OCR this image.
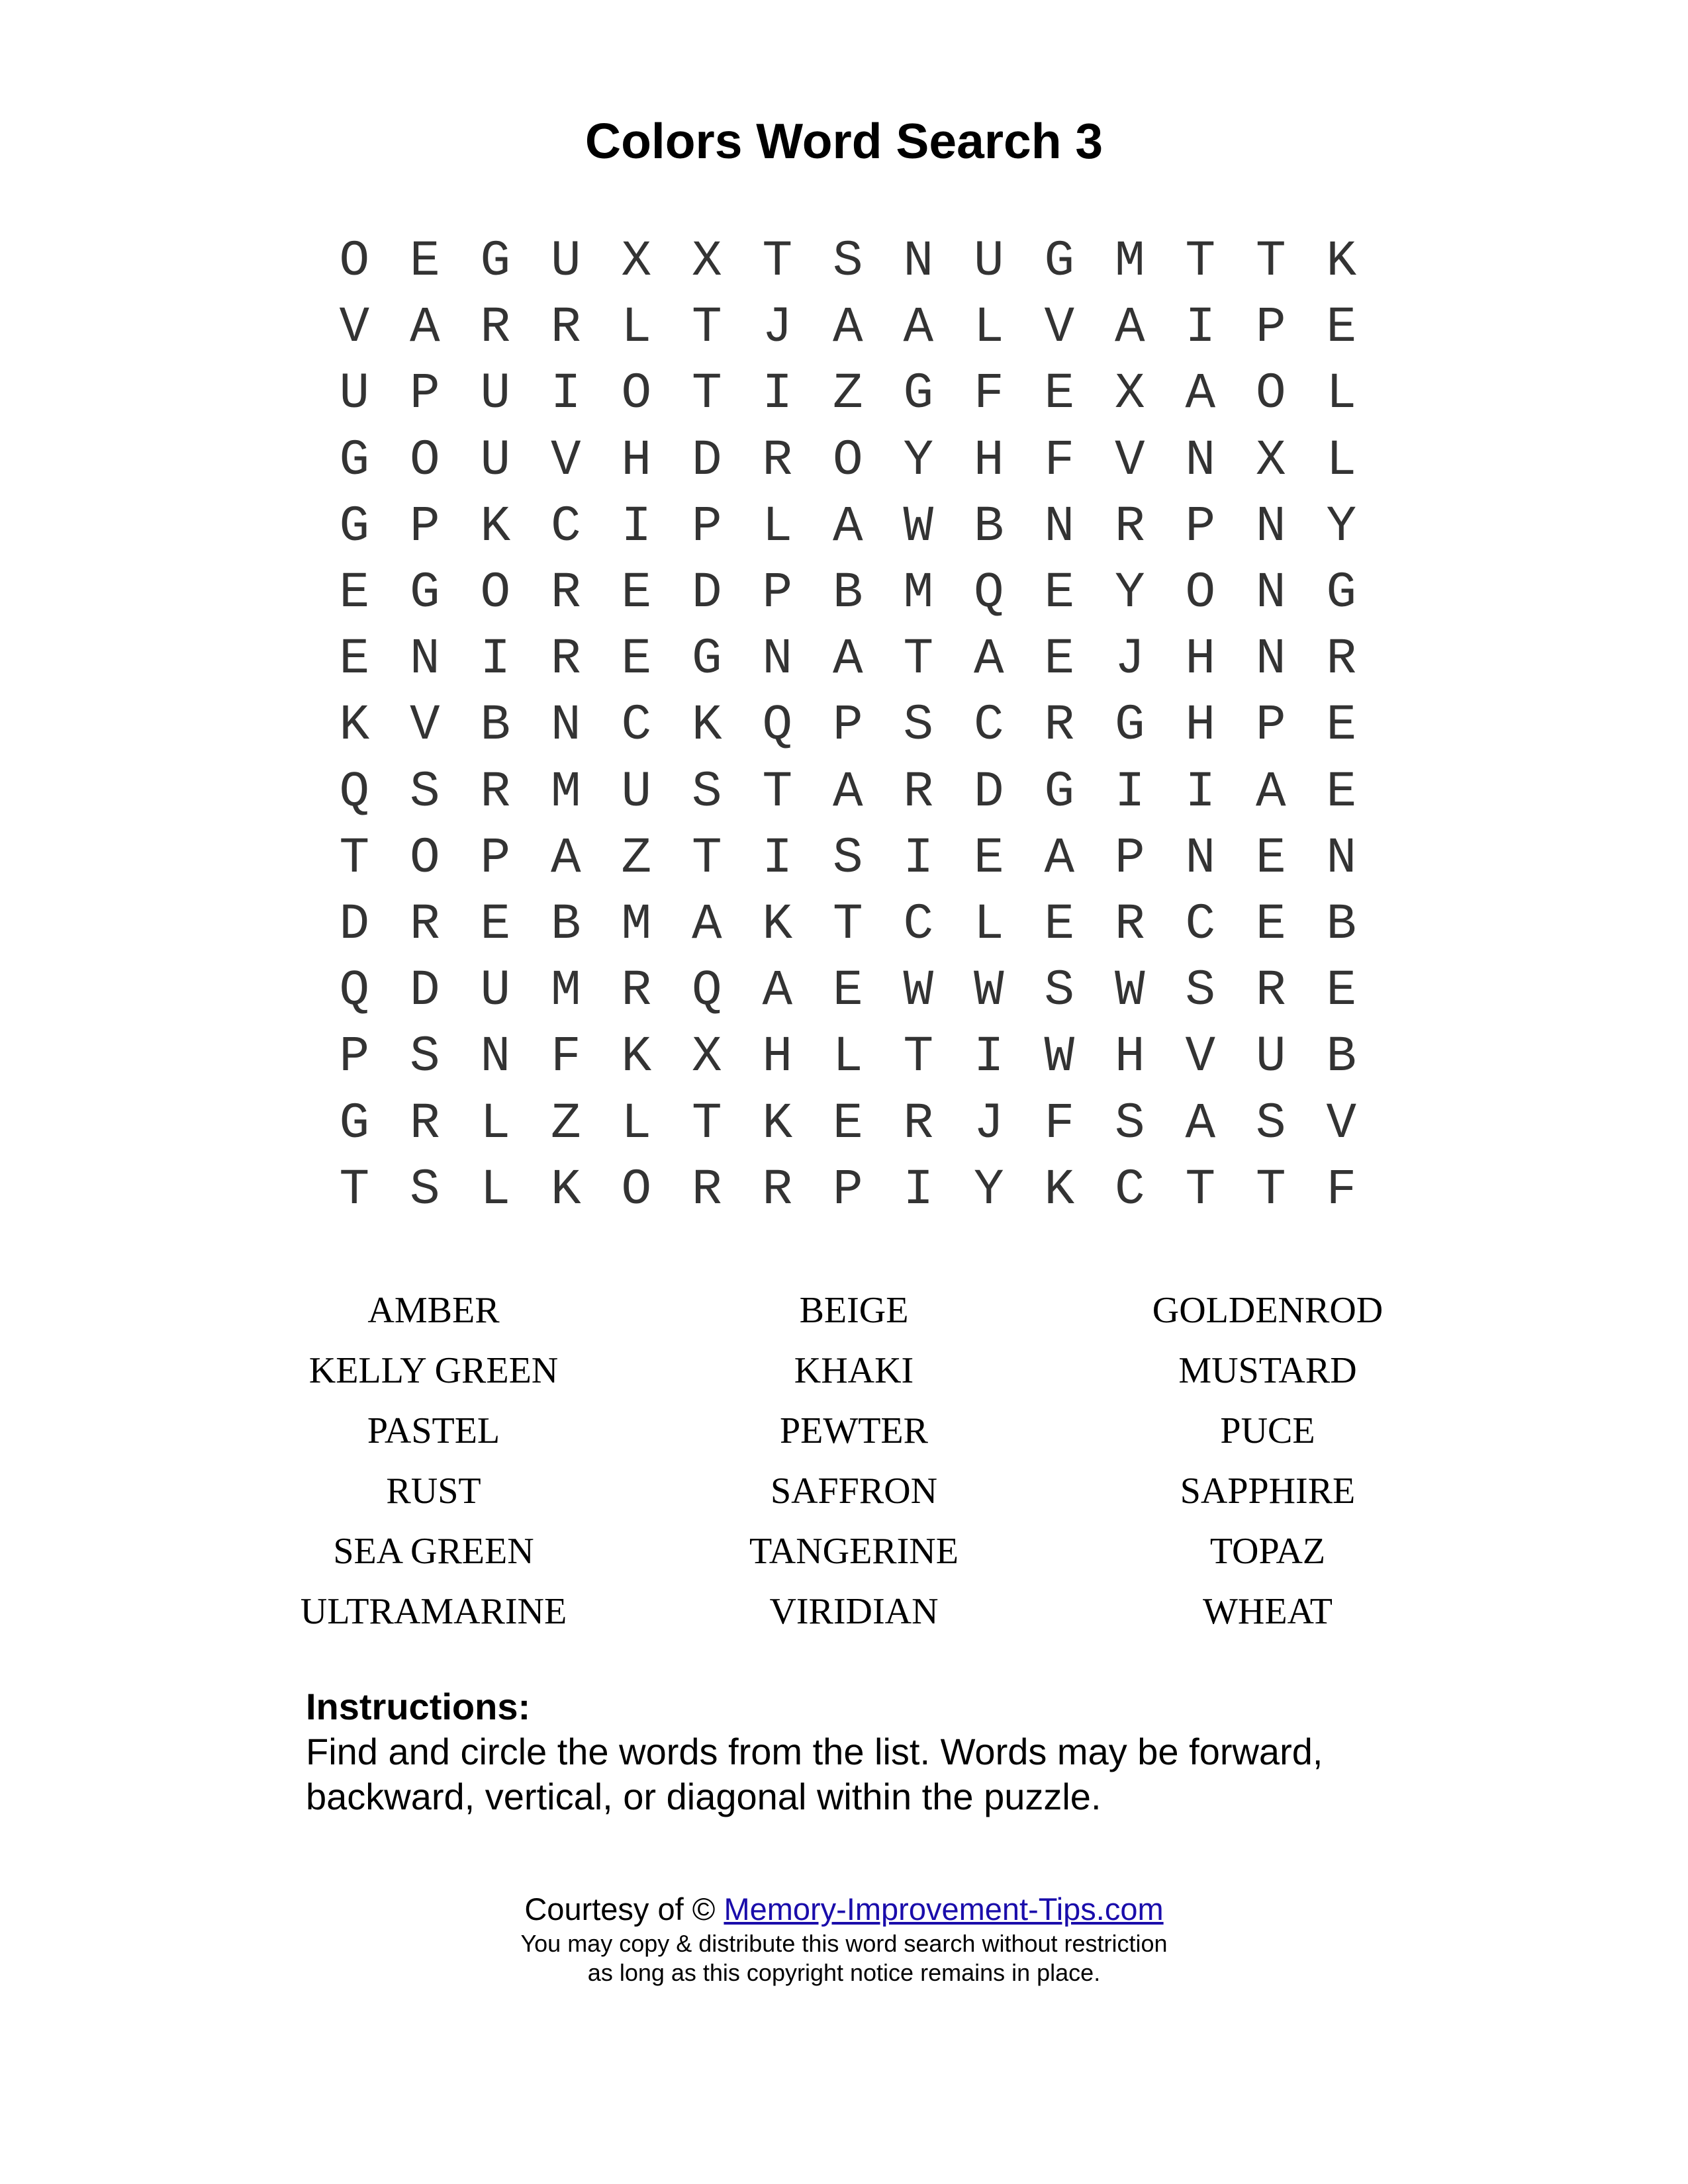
Colors Word Search 3
O E G U X X T S N U G M T T K
V A R R L T J A A L V A I P E
U P U I O T I Z G F E X A O L
G O U V H D R O Y H F V N X L
G P K C I P L A W B N R P N Y
E G O R E D P B M Q E Y O N G
E N I R E G N A T A E J H N R
K V B N C K Q P S C R G H P E
Q S R M U S T A R D G I I A E
T O P A Z T I S I E A P N E N
D R E B M A K T C L E R C E B
Q D U M R Q A E W W S W S R E
P S N F K X H L T I W H V U B
G R L Z L T K E R J F S A S V
T S L K O R R P I Y K C T T F
AMBER	BEIGE	GOLDENROD
KELLY GREEN	KHAKI	MUSTARD
PASTEL	PEWTER	PUCE
RUST	SAFFRON	SAPPHIRE
SEA GREEN	TANGERINE	TOPAZ
ULTRAMARINE	VIRIDIAN	WHEAT
Instructions:
Find and circle the words from the list. Words may be forward,
backward, vertical, or diagonal within the puzzle.
Courtesy of © Memory-Improvement-Tips.com
You may copy & distribute this word search without restriction
as long as this copyright notice remains in place.
